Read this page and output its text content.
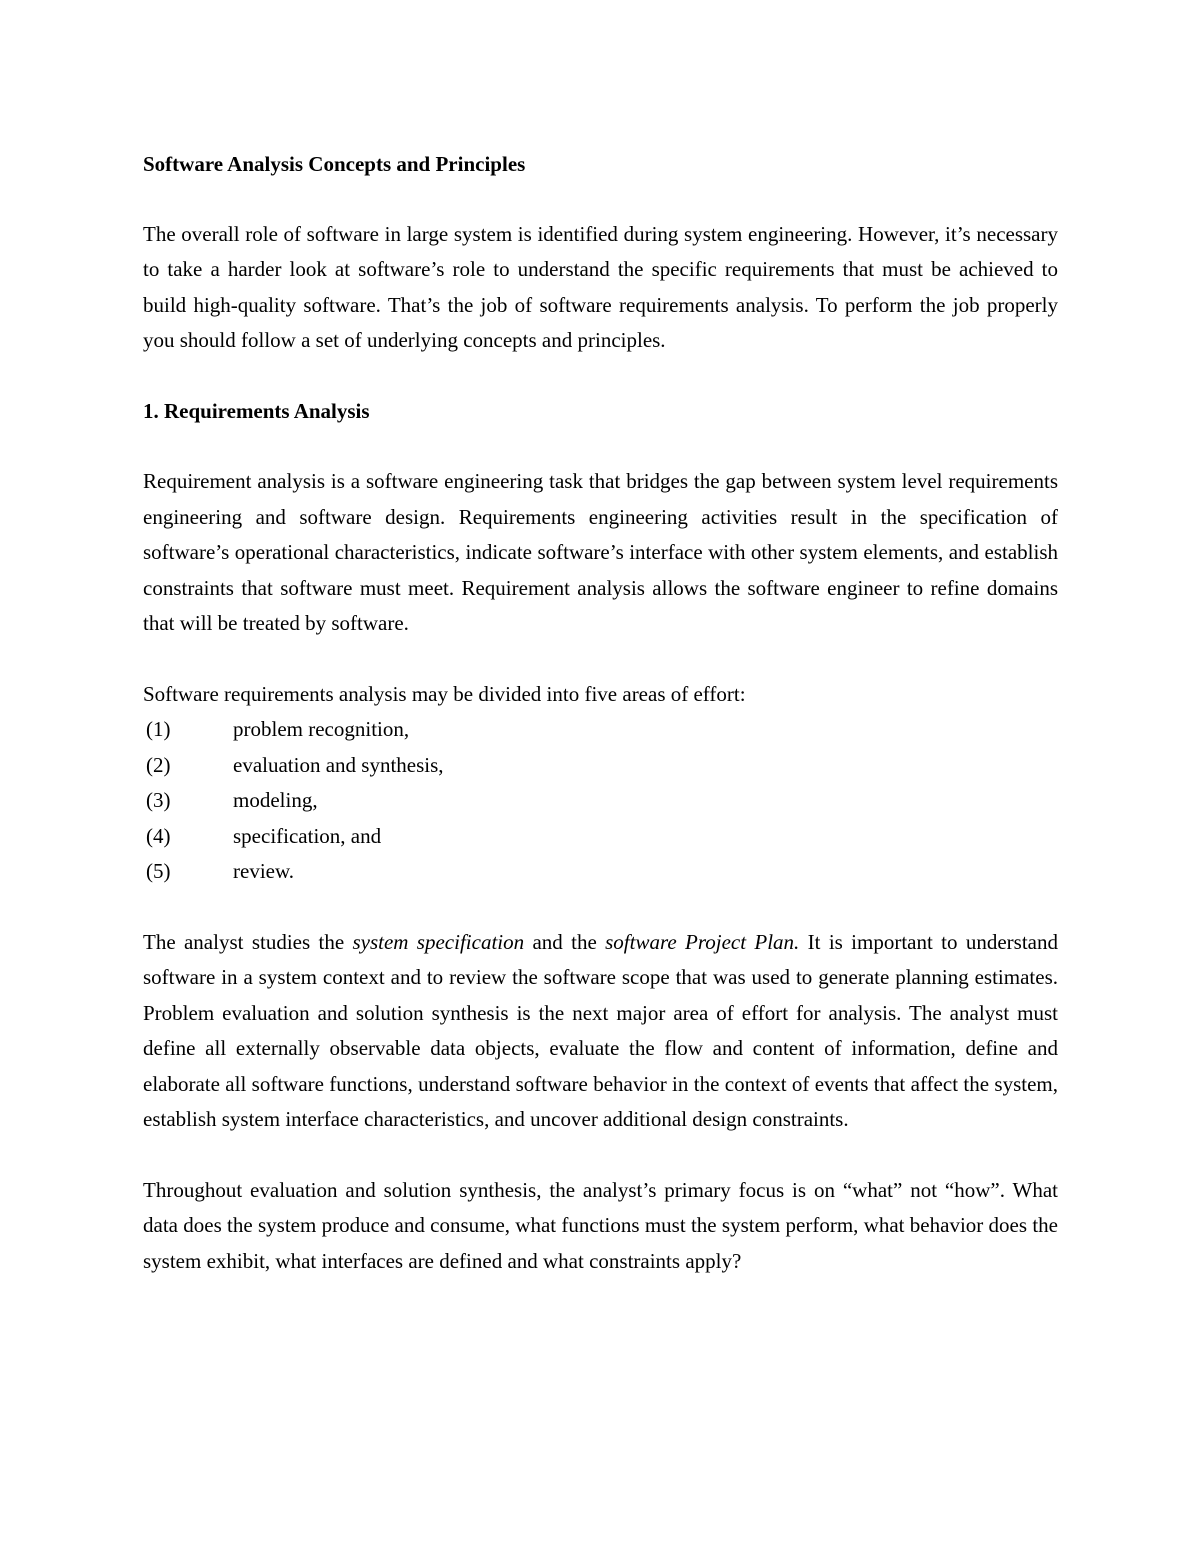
Software Analysis Concepts and Principles

The overall role of software in large system is identified during system engineering. However, it’s necessary to take a harder look at software’s role to understand the specific requirements that must be achieved to build high-quality software. That’s the job of software requirements analysis. To perform the job properly you should follow a set of underlying concepts and principles.

1. Requirements Analysis

Requirement analysis is a software engineering task that bridges the gap between system level requirements engineering and software design. Requirements engineering activities result in the specification of software’s operational characteristics, indicate software’s interface with other system elements, and establish constraints that software must meet. Requirement analysis allows the software engineer to refine domains that will be treated by software.

Software requirements analysis may be divided into five areas of effort:

(1)	problem recognition,
(2)	evaluation and synthesis,
(3)	modeling,
(4)	specification, and
(5)	review.

The analyst studies the system specification and the software Project Plan. It is important to understand software in a system context and to review the software scope that was used to generate planning estimates. Problem evaluation and solution synthesis is the next major area of effort for analysis. The analyst must define all externally observable data objects, evaluate the flow and content of information, define and elaborate all software functions, understand software behavior in the context of events that affect the system, establish system interface characteristics, and uncover additional design constraints.

Throughout evaluation and solution synthesis, the analyst’s primary focus is on “what” not “how”. What data does the system produce and consume, what functions must the system perform, what behavior does the system exhibit, what interfaces are defined and what constraints apply?
